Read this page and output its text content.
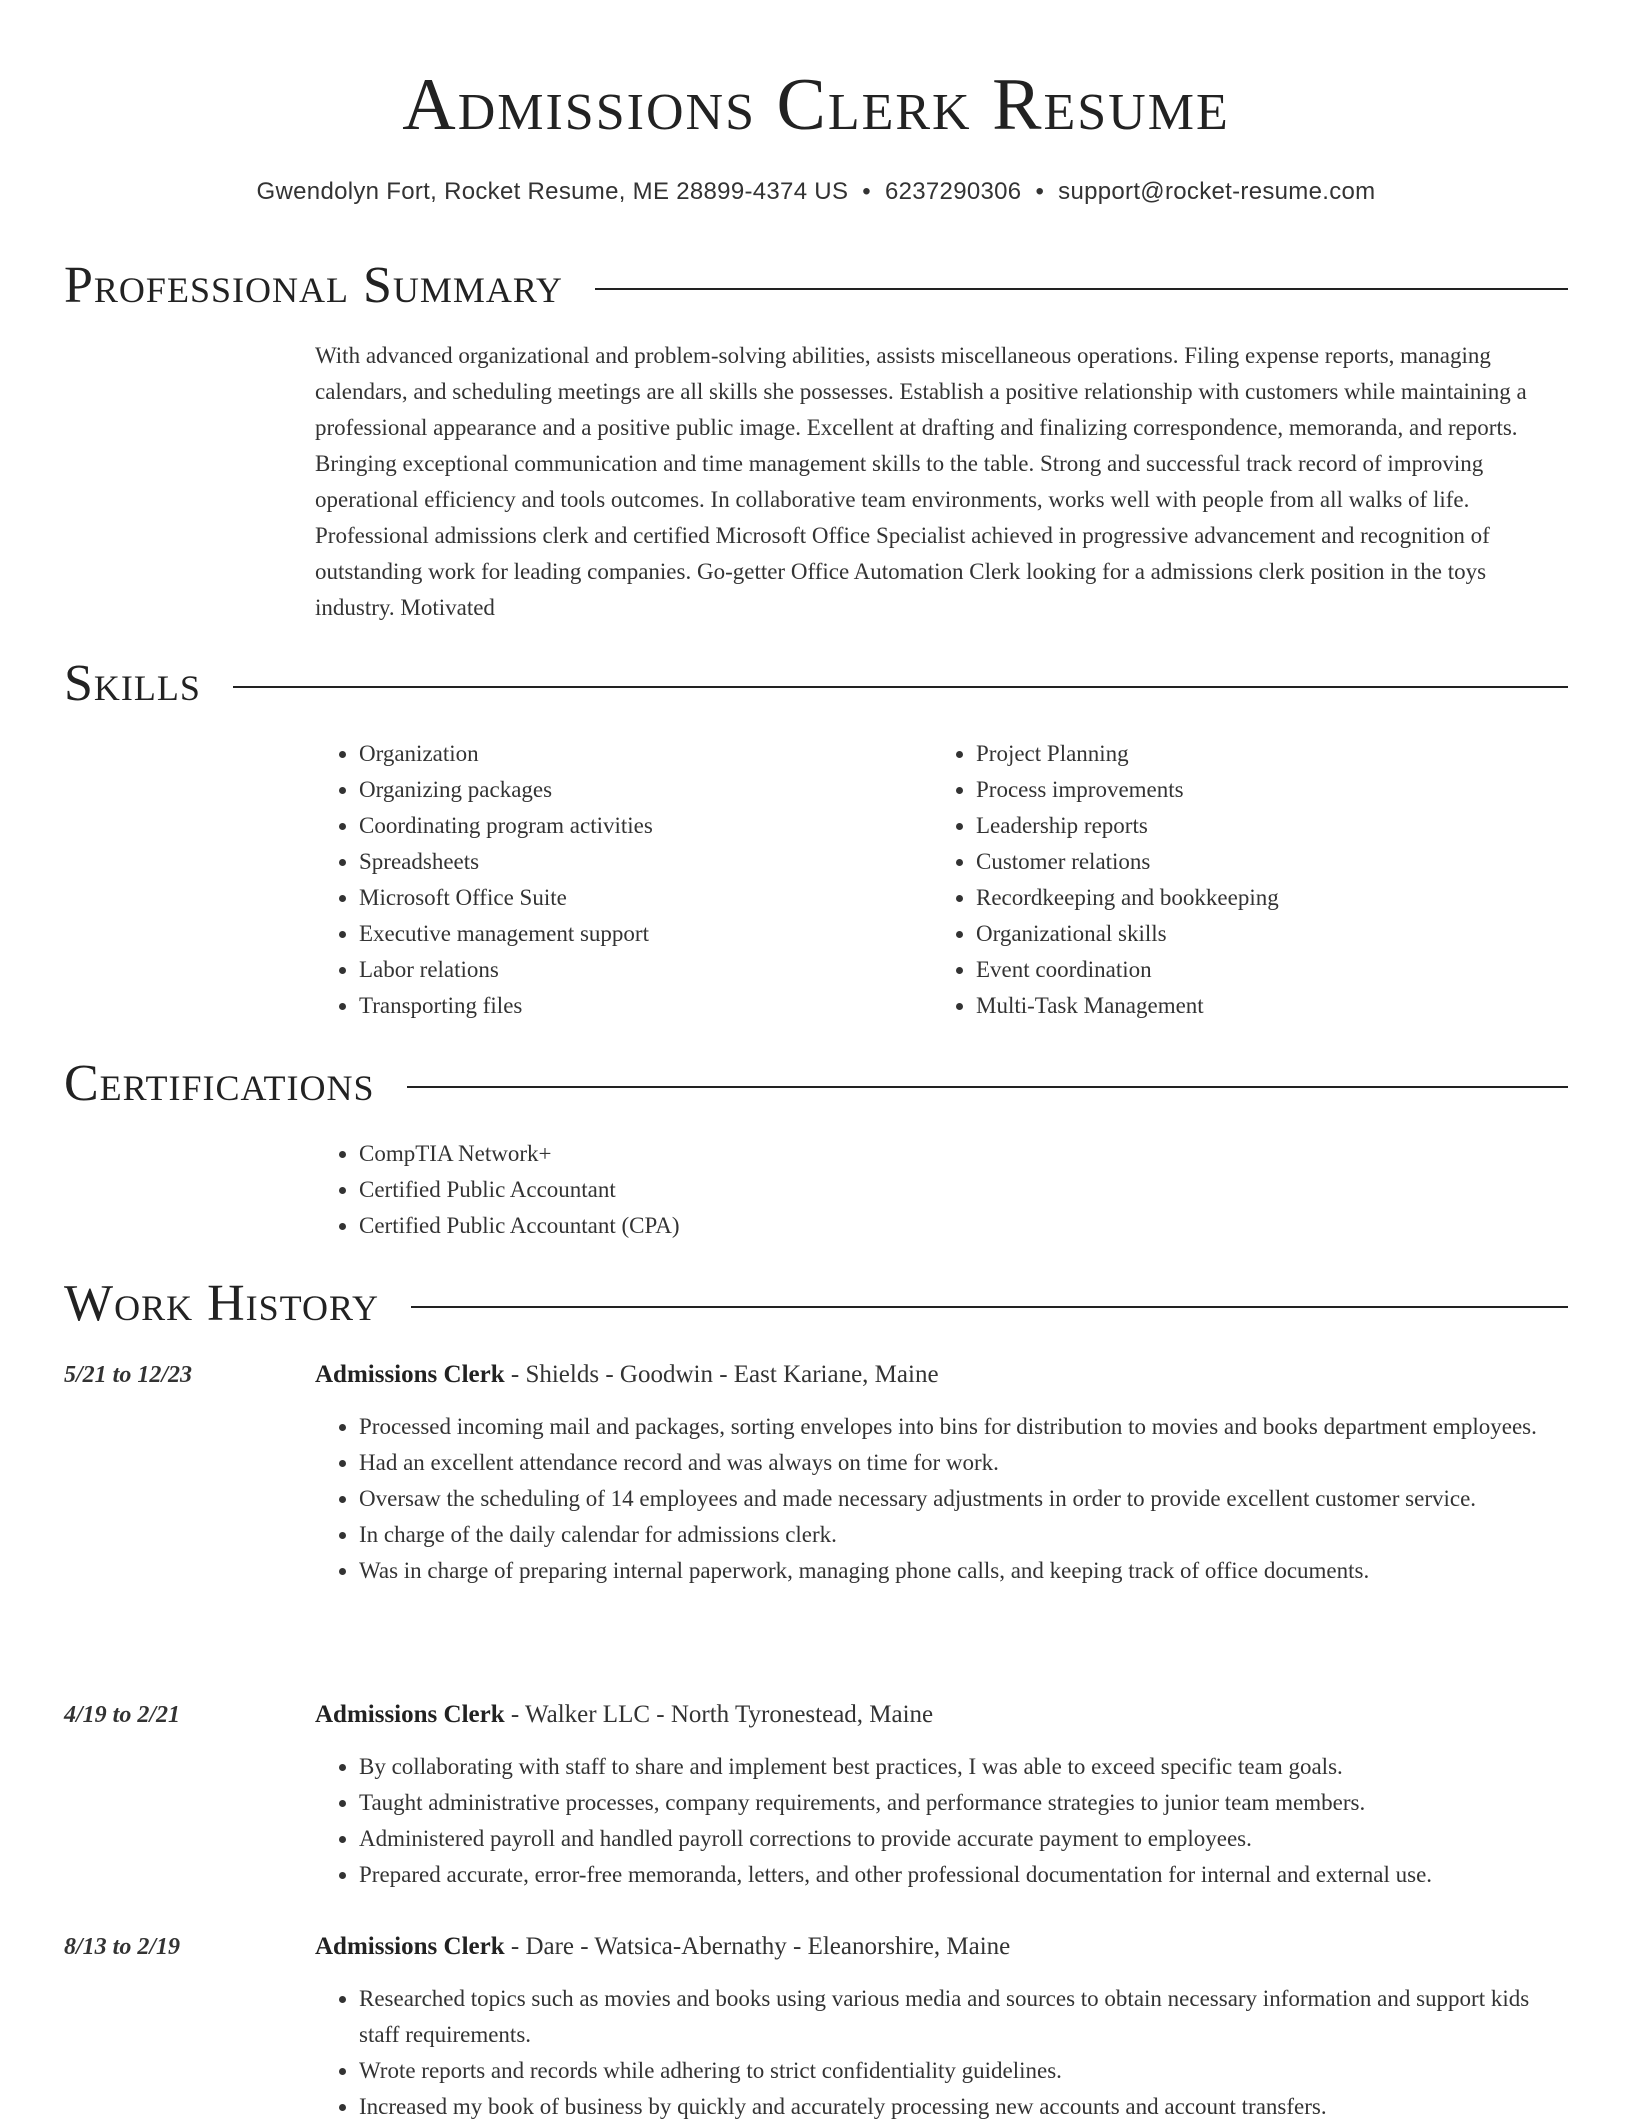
Admissions Clerk Resume
Gwendolyn Fort, Rocket Resume, ME 28899-4374 US • 6237290306 • support@rocket-resume.com
Professional Summary

With advanced organizational and problem-solving abilities, assists miscellaneous operations. Filing expense reports, managing calendars, and scheduling meetings are all skills she possesses. Establish a positive relationship with customers while maintaining a professional appearance and a positive public image. Excellent at drafting and finalizing correspondence, memoranda, and reports. Bringing exceptional communication and time management skills to the table. Strong and successful track record of improving operational efficiency and tools outcomes. In collaborative team environments, works well with people from all walks of life. Professional admissions clerk and certified Microsoft Office Specialist achieved in progressive advancement and recognition of outstanding work for leading companies. Go-getter Office Automation Clerk looking for a admissions clerk position in the toys industry. Motivated

Skills
• Organization
• Organizing packages
• Coordinating program activities
• Spreadsheets
• Microsoft Office Suite
• Executive management support
• Labor relations
• Transporting files
• Project Planning
• Process improvements
• Leadership reports
• Customer relations
• Recordkeeping and bookkeeping
• Organizational skills
• Event coordination
• Multi-Task Management
Certifications
• CompTIA Network+
• Certified Public Accountant
• Certified Public Accountant (CPA)
Work History
5/21 to 12/23	Admissions Clerk - Shields - Goodwin - East Kariane, Maine
• Processed incoming mail and packages, sorting envelopes into bins for distribution to movies and books department employees.
• Had an excellent attendance record and was always on time for work.
• Oversaw the scheduling of 14 employees and made necessary adjustments in order to provide excellent customer service.
• In charge of the daily calendar for admissions clerk.
• Was in charge of preparing internal paperwork, managing phone calls, and keeping track of office documents.
4/19 to 2/21	Admissions Clerk - Walker LLC - North Tyronestead, Maine
• By collaborating with staff to share and implement best practices, I was able to exceed specific team goals.
• Taught administrative processes, company requirements, and performance strategies to junior team members.
• Administered payroll and handled payroll corrections to provide accurate payment to employees.
• Prepared accurate, error-free memoranda, letters, and other professional documentation for internal and external use.
8/13 to 2/19	Admissions Clerk - Dare - Watsica-Abernathy - Eleanorshire, Maine
• Researched topics such as movies and books using various media and sources to obtain necessary information and support kids staff requirements.
• Wrote reports and records while adhering to strict confidentiality guidelines.
• Increased my book of business by quickly and accurately processing new accounts and account transfers.
